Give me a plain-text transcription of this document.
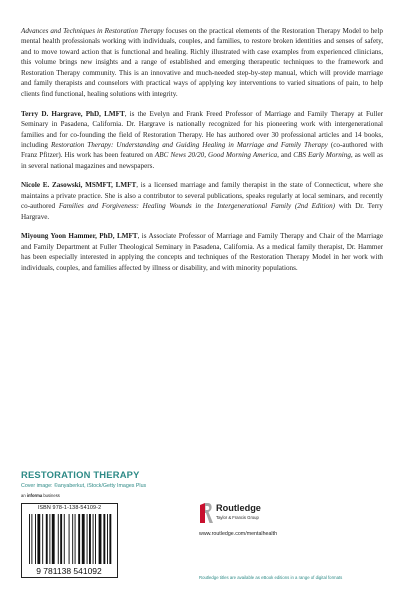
Advances and Techniques in Restoration Therapy focuses on the practical elements of the Restoration Therapy Model to help mental health professionals working with individuals, couples, and families, to restore broken identities and senses of safety, and to move toward action that is functional and healing. Richly illustrated with case examples from experienced clinicians, this volume brings new insights and a range of established and emerging therapeutic techniques to the framework and Restoration Therapy community. This is an innovative and much-needed step-by-step manual, which will provide marriage and family therapists and counselors with practical ways of applying key interventions to varied situations of pain, to help clients find functional, healing solutions with integrity.

Terry D. Hargrave, PhD, LMFT, is the Evelyn and Frank Freed Professor of Marriage and Family Therapy at Fuller Seminary in Pasadena, California. Dr. Hargrave is nationally recognized for his pioneering work with intergenerational families and for co-founding the field of Restoration Therapy. He has authored over 30 professional articles and 14 books, including Restoration Therapy: Understanding and Guiding Healing in Marriage and Family Therapy (co-authored with Franz Pfitzer). His work has been featured on ABC News 20/20, Good Morning America, and CBS Early Morning, as well as in several national magazines and newspapers.

Nicole E. Zasowski, MSMFT, LMFT, is a licensed marriage and family therapist in the state of Connecticut, where she maintains a private practice. She is also a contributor to several publications, speaks regularly at local seminars, and recently co-authored Families and Forgiveness: Healing Wounds in the Intergenerational Family (2nd Edition) with Dr. Terry Hargrave.

Miyoung Yoon Hammer, PhD, LMFT, is Associate Professor of Marriage and Family Therapy and Chair of the Marriage and Family Department at Fuller Theological Seminary in Pasadena, California. As a medical family therapist, Dr. Hammer has been especially interested in applying the concepts and techniques of the Restoration Therapy Model in her work with individuals, couples, and families affected by illness or disability, and with minority populations.

RESTORATION THERAPY
Cover image: ©anyaberkut, iStock/Getty Images Plus
an informa business
ISBN 978-1-138-54109-2
9 781138 541092
Routledge
Taylor & Francis Group
www.routledge.com/mentalhealth
Routledge titles are available as eBook editions in a range of digital formats
